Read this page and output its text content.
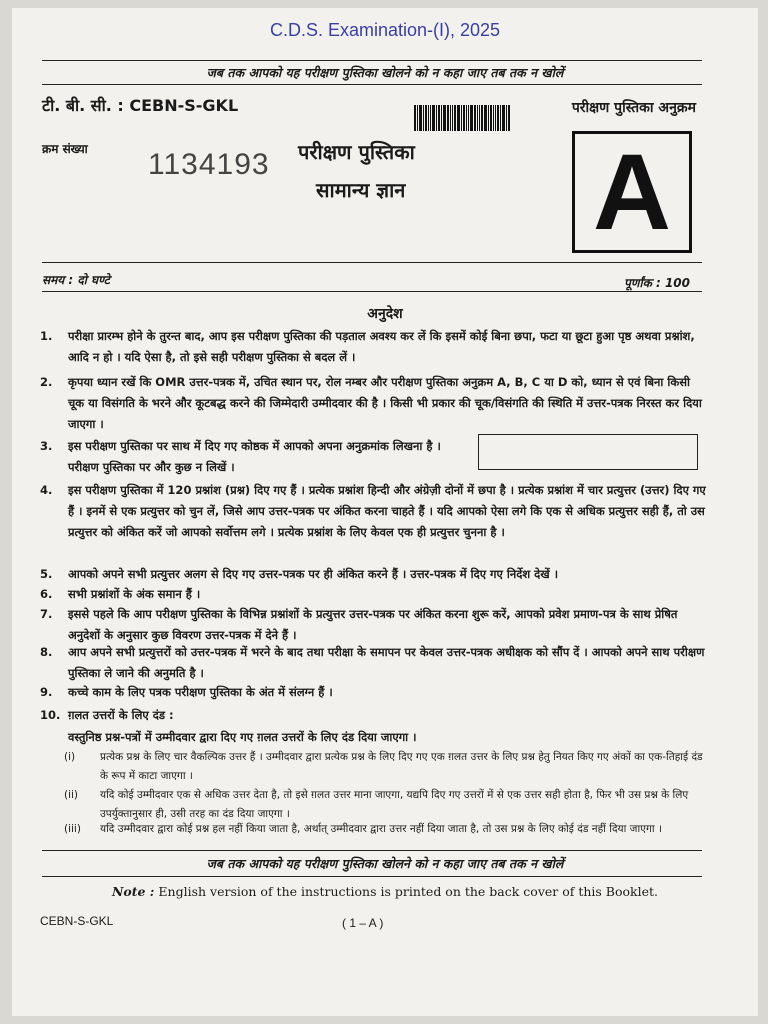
C.D.S. Examination-(I), 2025
जब तक आपको यह परीक्षण पुस्तिका खोलने को न कहा जाए तब तक न खोलें
टी. बी. सी. : CEBN-S-GKL	परीक्षण पुस्तिका अनुक्रम
क्रम संख्या 1134193 परीक्षण पुस्तिका
सामान्य ज्ञान A
समय : दो घण्टे	पूर्णांक : 100
अनुदेश
1.	परीक्षा प्रारम्भ होने के तुरन्त बाद, आप इस परीक्षण पुस्तिका की पड़ताल अवश्य कर लें कि इसमें कोई बिना छपा, फटा या छूटा हुआ पृष्ठ अथवा प्रश्नांश, आदि न हो । यदि ऐसा है, तो इसे सही परीक्षण पुस्तिका से बदल लें ।
2.	कृपया ध्यान रखें कि OMR उत्तर-पत्रक में, उचित स्थान पर, रोल नम्बर और परीक्षण पुस्तिका अनुक्रम A, B, C या D को, ध्यान से एवं बिना किसी चूक या विसंगति के भरने और कूटबद्ध करने की जिम्मेदारी उम्मीदवार की है । किसी भी प्रकार की चूक/विसंगति की स्थिति में उत्तर-पत्रक निरस्त कर दिया जाएगा ।
3.	इस परीक्षण पुस्तिका पर साथ में दिए गए कोष्ठक में आपको अपना अनुक्रमांक लिखना है । परीक्षण पुस्तिका पर और कुछ न लिखें ।
4.	इस परीक्षण पुस्तिका में 120 प्रश्नांश (प्रश्न) दिए गए हैं । प्रत्येक प्रश्नांश हिन्दी और अंग्रेज़ी दोनों में छपा है । प्रत्येक प्रश्नांश में चार प्रत्युत्तर (उत्तर) दिए गए हैं । इनमें से एक प्रत्युत्तर को चुन लें, जिसे आप उत्तर-पत्रक पर अंकित करना चाहते हैं । यदि आपको ऐसा लगे कि एक से अधिक प्रत्युत्तर सही हैं, तो उस प्रत्युत्तर को अंकित करें जो आपको सर्वोत्तम लगे । प्रत्येक प्रश्नांश के लिए केवल एक ही प्रत्युत्तर चुनना है ।
5.	आपको अपने सभी प्रत्युत्तर अलग से दिए गए उत्तर-पत्रक पर ही अंकित करने हैं । उत्तर-पत्रक में दिए गए निर्देश देखें ।
6.	सभी प्रश्नांशों के अंक समान हैं ।
7.	इससे पहले कि आप परीक्षण पुस्तिका के विभिन्न प्रश्नांशों के प्रत्युत्तर उत्तर-पत्रक पर अंकित करना शुरू करें, आपको प्रवेश प्रमाण-पत्र के साथ प्रेषित अनुदेशों के अनुसार कुछ विवरण उत्तर-पत्रक में देने हैं ।
8.	आप अपने सभी प्रत्युत्तरों को उत्तर-पत्रक में भरने के बाद तथा परीक्षा के समापन पर केवल उत्तर-पत्रक अधीक्षक को सौंप दें । आपको अपने साथ परीक्षण पुस्तिका ले जाने की अनुमति है ।
9.	कच्चे काम के लिए पत्रक परीक्षण पुस्तिका के अंत में संलग्न हैं ।
10. ग़लत उत्तरों के लिए दंड :
वस्तुनिष्ठ प्रश्न-पत्रों में उम्मीदवार द्वारा दिए गए ग़लत उत्तरों के लिए दंड दिया जाएगा ।
(i)	प्रत्येक प्रश्न के लिए चार वैकल्पिक उत्तर हैं । उम्मीदवार द्वारा प्रत्येक प्रश्न के लिए दिए गए एक ग़लत उत्तर के लिए प्रश्न हेतु नियत किए गए अंकों का एक-तिहाई दंड के रूप में काटा जाएगा ।
(ii)	यदि कोई उम्मीदवार एक से अधिक उत्तर देता है, तो इसे ग़लत उत्तर माना जाएगा, यद्यपि दिए गए उत्तरों में से एक उत्तर सही होता है, फिर भी उस प्रश्न के लिए उपर्युक्तानुसार ही, उसी तरह का दंड दिया जाएगा ।
(iii)	यदि उम्मीदवार द्वारा कोई प्रश्न हल नहीं किया जाता है, अर्थात् उम्मीदवार द्वारा उत्तर नहीं दिया जाता है, तो उस प्रश्न के लिए कोई दंड नहीं दिया जाएगा ।
जब तक आपको यह परीक्षण पुस्तिका खोलने को न कहा जाए तब तक न खोलें
Note : English version of the instructions is printed on the back cover of this Booklet.
CEBN-S-GKL	( 1 – A )
